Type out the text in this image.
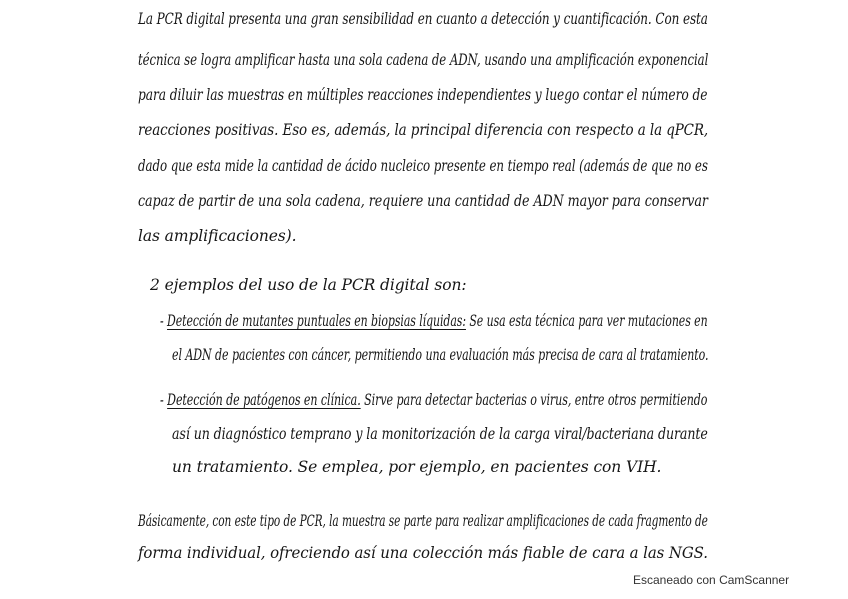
La PCR digital presenta una gran sensibilidad en cuanto a detección y cuantificación. Con esta
técnica se logra amplificar hasta una sola cadena de ADN, usando una amplificación exponencial
para diluir las muestras en múltiples reacciones independientes y luego contar el número de
reacciones positivas. Eso es, además, la principal diferencia con respecto a la qPCR,
dado que esta mide la cantidad de ácido nucleico presente en tiempo real (además de que no es
capaz de partir de una sola cadena, requiere una cantidad de ADN mayor para conservar
las amplificaciones).
2 ejemplos del uso de la PCR digital son:
- Detección de mutantes puntuales en biopsias líquidas: Se usa esta técnica para ver mutaciones en
el ADN de pacientes con cáncer, permitiendo una evaluación más precisa de cara al tratamiento.
- Detección de patógenos en clínica. Sirve para detectar bacterias o virus, entre otros permitiendo
así un diagnóstico temprano y la monitorización de la carga viral/bacteriana durante
un tratamiento. Se emplea, por ejemplo, en pacientes con VIH.
Básicamente, con este tipo de PCR, la muestra se parte para realizar amplificaciones de cada fragmento de
forma individual, ofreciendo así una colección más fiable de cara a las NGS.
Escaneado con CamScanner
